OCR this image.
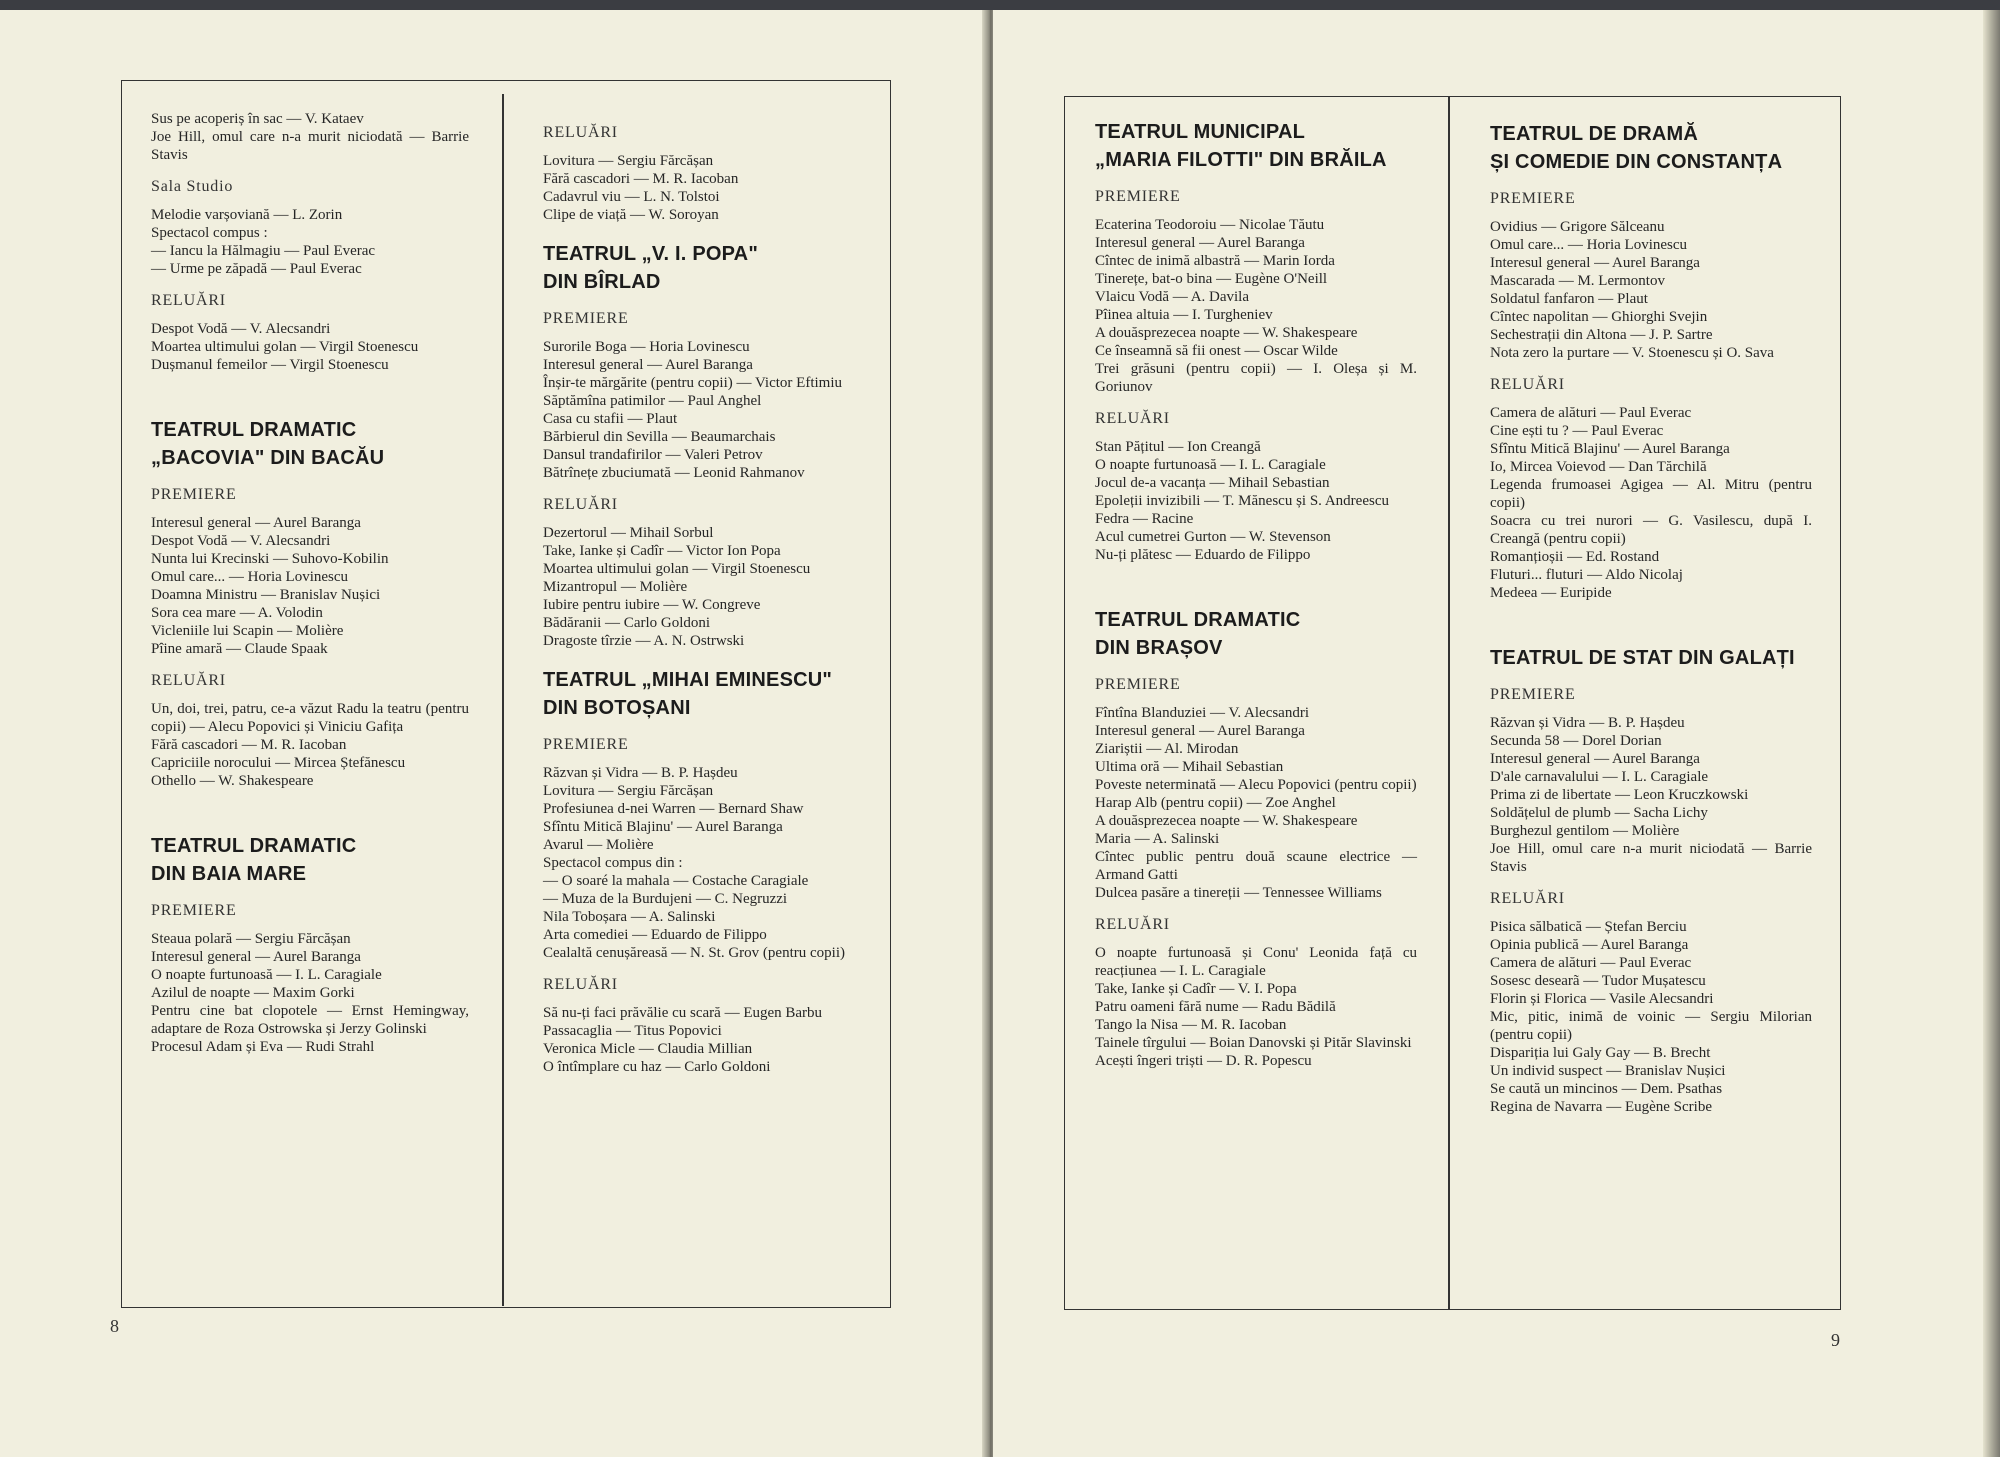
Sus pe acoperiș în sac — V. Kataev

Joe Hill, omul care n-a murit niciodată — Barrie Stavis

Sala Studio

Melodie varșoviană — L. Zorin

Spectacol compus :

— Iancu la Hălmagiu — Paul Everac

— Urme pe zăpadă — Paul Everac

RELUĂRI

Despot Vodă — V. Alecsandri

Moartea ultimului golan — Virgil Stoenescu

Dușmanul femeilor — Virgil Stoenescu

TEATRUL DRAMATIC
„BACOVIA" DIN BACĂU
PREMIERE

Interesul general — Aurel Baranga

Despot Vodă — V. Alecsandri

Nunta lui Krecinski — Suhovo-Kobilin

Omul care... — Horia Lovinescu

Doamna Ministru — Branislav Nușici

Sora cea mare — A. Volodin

Vicleniile lui Scapin — Molière

Pîine amară — Claude Spaak

RELUĂRI

Un, doi, trei, patru, ce-a văzut Radu la teatru (pentru copii) — Alecu Popovici și Viniciu Gafița

Fără cascadori — M. R. Iacoban

Capriciile norocului — Mircea Ștefănescu

Othello — W. Shakespeare

TEATRUL DRAMATIC
DIN BAIA MARE
PREMIERE

Steaua polară — Sergiu Fărcășan

Interesul general — Aurel Baranga

O noapte furtunoasă — I. L. Caragiale

Azilul de noapte — Maxim Gorki

Pentru cine bat clopotele — Ernst Hemingway, adaptare de Roza Ostrowska și Jerzy Golinski

Procesul Adam și Eva — Rudi Strahl

RELUĂRI

Lovitura — Sergiu Fărcășan

Fără cascadori — M. R. Iacoban

Cadavrul viu — L. N. Tolstoi

Clipe de viață — W. Soroyan

TEATRUL „V. I. POPA"
DIN BÎRLAD
PREMIERE

Surorile Boga — Horia Lovinescu

Interesul general — Aurel Baranga

Înșir-te mărgărite (pentru copii) — Victor Eftimiu

Săptămîna patimilor — Paul Anghel

Casa cu stafii — Plaut

Bărbierul din Sevilla — Beaumarchais

Dansul trandafirilor — Valeri Petrov

Bătrînețe zbuciumată — Leonid Rahmanov

RELUĂRI

Dezertorul — Mihail Sorbul

Take, Ianke și Cadîr — Victor Ion Popa

Moartea ultimului golan — Virgil Stoenescu

Mizantropul — Molière

Iubire pentru iubire — W. Congreve

Bădăranii — Carlo Goldoni

Dragoste tîrzie — A. N. Ostrwski

TEATRUL „MIHAI EMINESCU"
DIN BOTOȘANI
PREMIERE

Răzvan și Vidra — B. P. Hașdeu

Lovitura — Sergiu Fărcășan

Profesiunea d-nei Warren — Bernard Shaw

Sfîntu Mitică Blajinu' — Aurel Baranga

Avarul — Molière

Spectacol compus din :

— O soaré la mahala — Costache Caragiale

— Muza de la Burdujeni — C. Negruzzi

Nila Toboșara — A. Salinski

Arta comediei — Eduardo de Filippo

Cealaltă cenușăreasă — N. St. Grov (pentru copii)

RELUĂRI

Să nu-ți faci prăvălie cu scară — Eugen Barbu

Passacaglia — Titus Popovici

Veronica Micle — Claudia Millian

O întîmplare cu haz — Carlo Goldoni

8
TEATRUL MUNICIPAL
„MARIA FILOTTI" DIN BRĂILA
PREMIERE

Ecaterina Teodoroiu — Nicolae Tăutu

Interesul general — Aurel Baranga

Cîntec de inimă albastră — Marin Iorda

Tinerețe, bat-o bina — Eugène O'Neill

Vlaicu Vodă — A. Davila

Pîinea altuia — I. Turgheniev

A douăsprezecea noapte — W. Shakespeare

Ce înseamnă să fii onest — Oscar Wilde

Trei grăsuni (pentru copii) — I. Oleșa și M. Goriunov

RELUĂRI

Stan Pățitul — Ion Creangă

O noapte furtunoasă — I. L. Caragiale

Jocul de-a vacanța — Mihail Sebastian

Epoleții invizibili — T. Mănescu și S. Andreescu

Fedra — Racine

Acul cumetrei Gurton — W. Stevenson

Nu-ți plătesc — Eduardo de Filippo

TEATRUL DRAMATIC
DIN BRAȘOV
PREMIERE

Fîntîna Blanduziei — V. Alecsandri

Interesul general — Aurel Baranga

Ziariștii — Al. Mirodan

Ultima oră — Mihail Sebastian

Poveste neterminată — Alecu Popovici (pentru copii)

Harap Alb (pentru copii) — Zoe Anghel

A douăsprezecea noapte — W. Shakespeare

Maria — A. Salinski

Cîntec public pentru două scaune electrice — Armand Gatti

Dulcea pasăre a tinereții — Tennessee Williams

RELUĂRI

O noapte furtunoasă și Conu' Leonida față cu reacțiunea — I. L. Caragiale

Take, Ianke și Cadîr — V. I. Popa

Patru oameni fără nume — Radu Bădilă

Tango la Nisa — M. R. Iacoban

Tainele tîrgului — Boian Danovski și Pităr Slavinski

Acești îngeri triști — D. R. Popescu

TEATRUL DE DRAMĂ
ȘI COMEDIE DIN CONSTANȚA
PREMIERE

Ovidius — Grigore Sălceanu

Omul care... — Horia Lovinescu

Interesul general — Aurel Baranga

Mascarada — M. Lermontov

Soldatul fanfaron — Plaut

Cîntec napolitan — Ghiorghi Svejin

Sechestrații din Altona — J. P. Sartre

Nota zero la purtare — V. Stoenescu și O. Sava

RELUĂRI

Camera de alături — Paul Everac

Cine ești tu ? — Paul Everac

Sfîntu Mitică Blajinu' — Aurel Baranga

Io, Mircea Voievod — Dan Tărchilă

Legenda frumoasei Agigea — Al. Mitru (pentru copii)

Soacra cu trei nurori — G. Vasilescu, după I. Creangă (pentru copii)

Romanțioșii — Ed. Rostand

Fluturi... fluturi — Aldo Nicolaj

Medeea — Euripide

TEATRUL DE STAT DIN GALAȚI
PREMIERE

Răzvan și Vidra — B. P. Hașdeu

Secunda 58 — Dorel Dorian

Interesul general — Aurel Baranga

D'ale carnavalului — I. L. Caragiale

Prima zi de libertate — Leon Kruczkowski

Soldățelul de plumb — Sacha Lichy

Burghezul gentilom — Molière

Joe Hill, omul care n-a murit niciodată — Barrie Stavis

RELUĂRI

Pisica sălbatică — Ștefan Berciu

Opinia publică — Aurel Baranga

Camera de alături — Paul Everac

Sosesc desearã — Tudor Mușatescu

Florin și Florica — Vasile Alecsandri

Mic, pitic, inimă de voinic — Sergiu Milorian (pentru copii)

Dispariția lui Galy Gay — B. Brecht

Un individ suspect — Branislav Nușici

Se caută un mincinos — Dem. Psathas

Regina de Navarra — Eugène Scribe

9
